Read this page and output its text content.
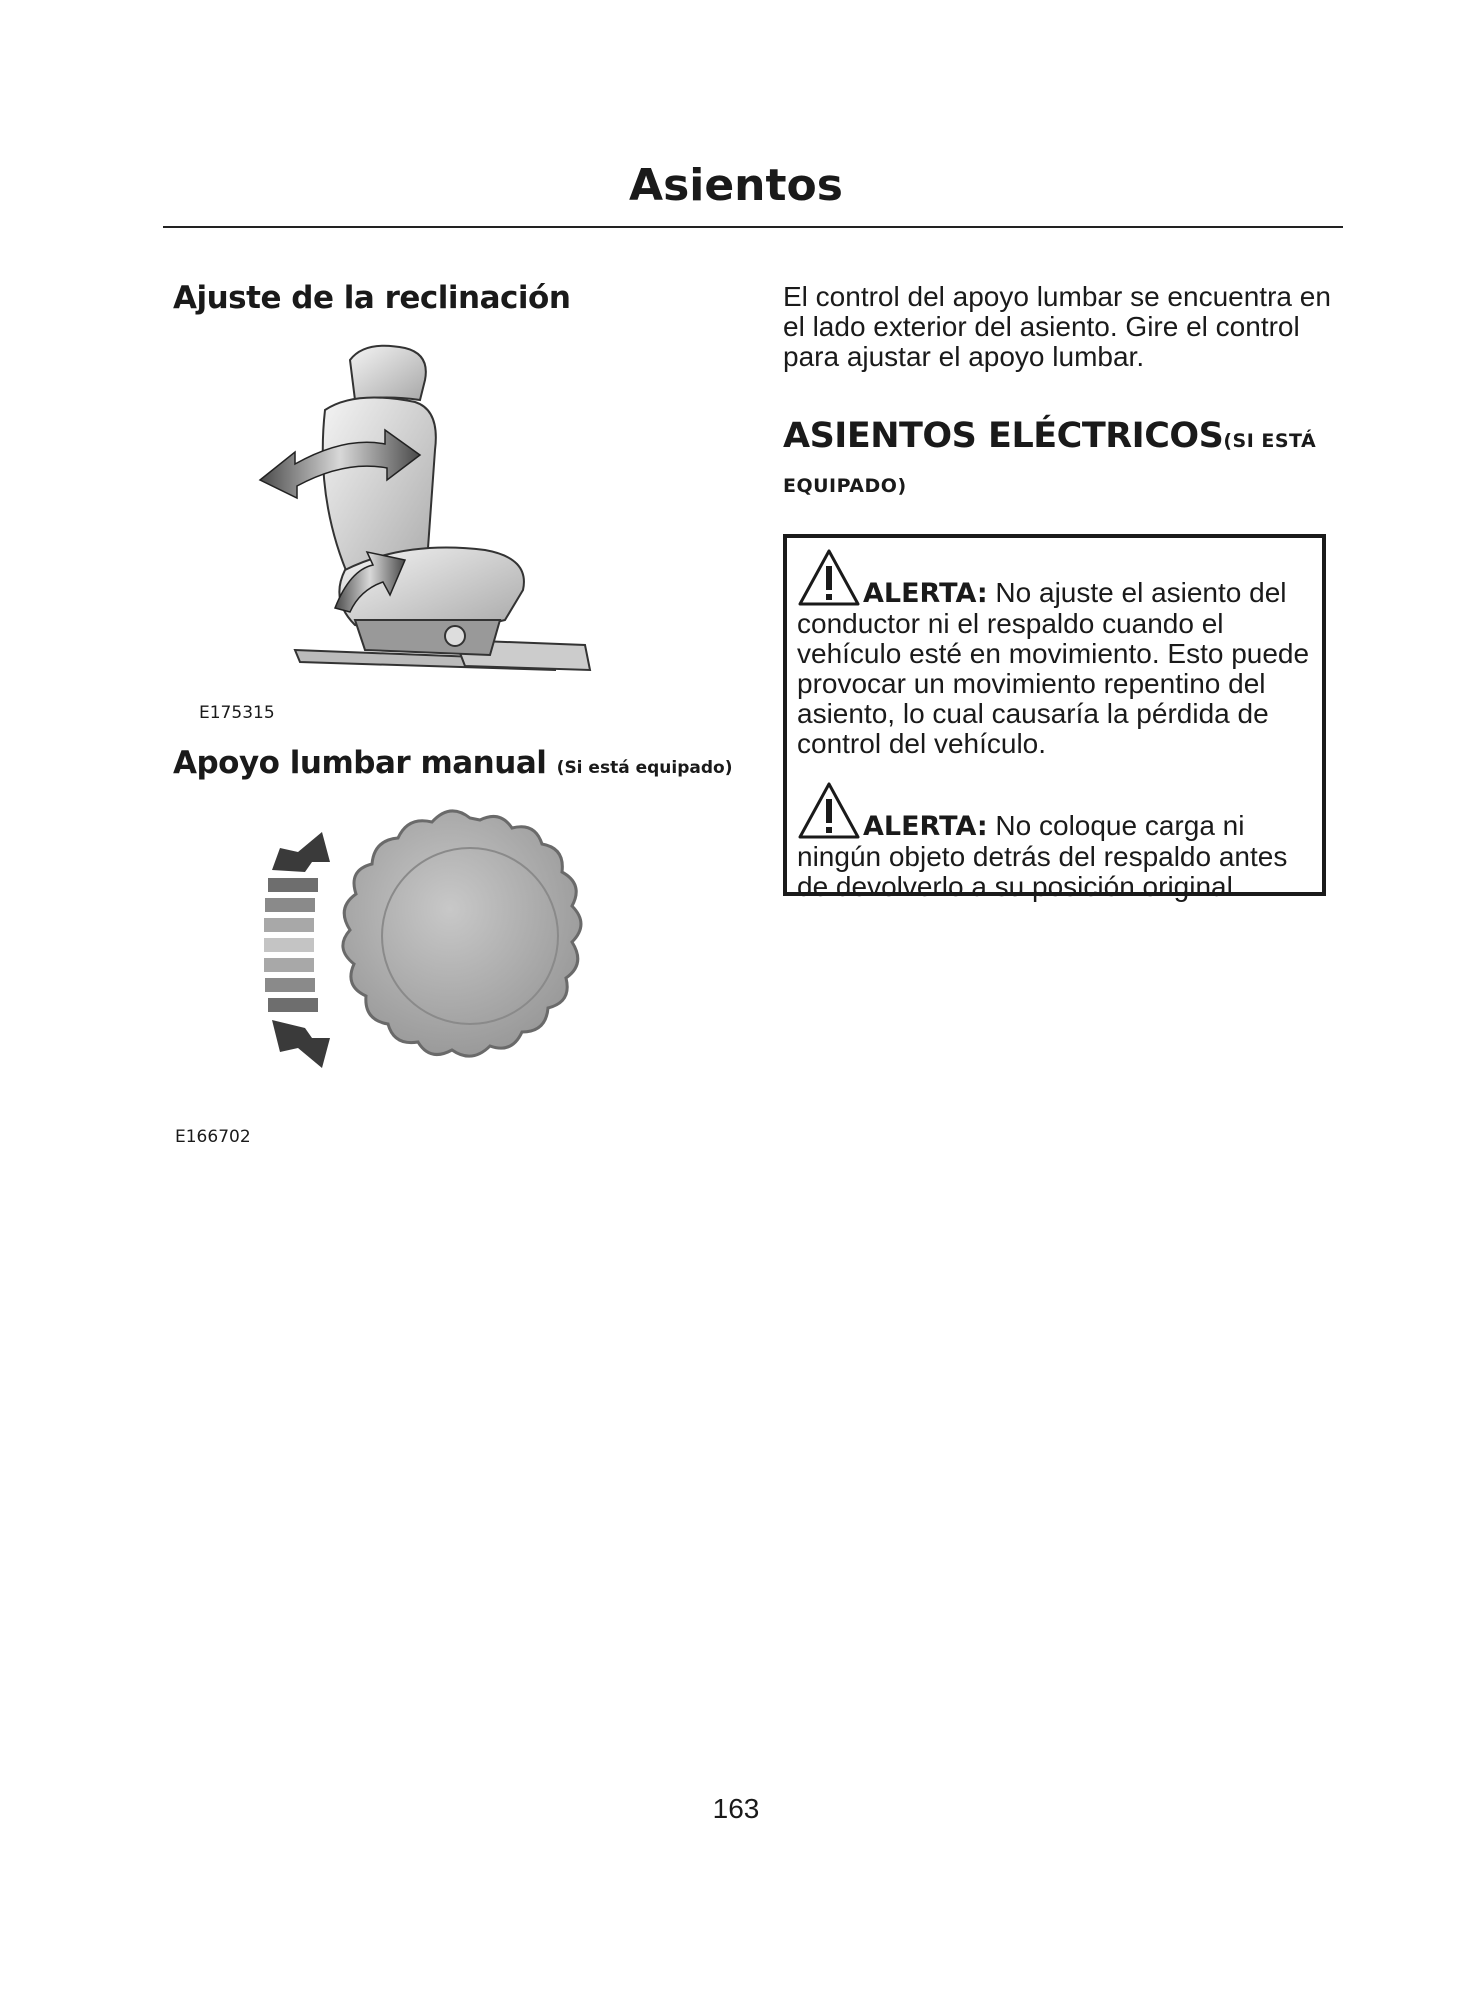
Asientos
Ajuste de la reclinación
E175315
Apoyo lumbar manual (Si está equipado)
E166702

El control del apoyo lumbar se encuentra en el lado exterior del asiento. Gire el control para ajustar el apoyo lumbar.

ASIENTOS ELÉCTRICOS(SI ESTÁ
EQUIPADO)

ALERTA: No ajuste el asiento del conductor ni el respaldo cuando el vehículo esté en movimiento. Esto puede provocar un movimiento repentino del asiento, lo cual causaría la pérdida de control del vehículo.

ALERTA: No coloque carga ni ningún objeto detrás del respaldo antes de devolverlo a su posición original.

163
